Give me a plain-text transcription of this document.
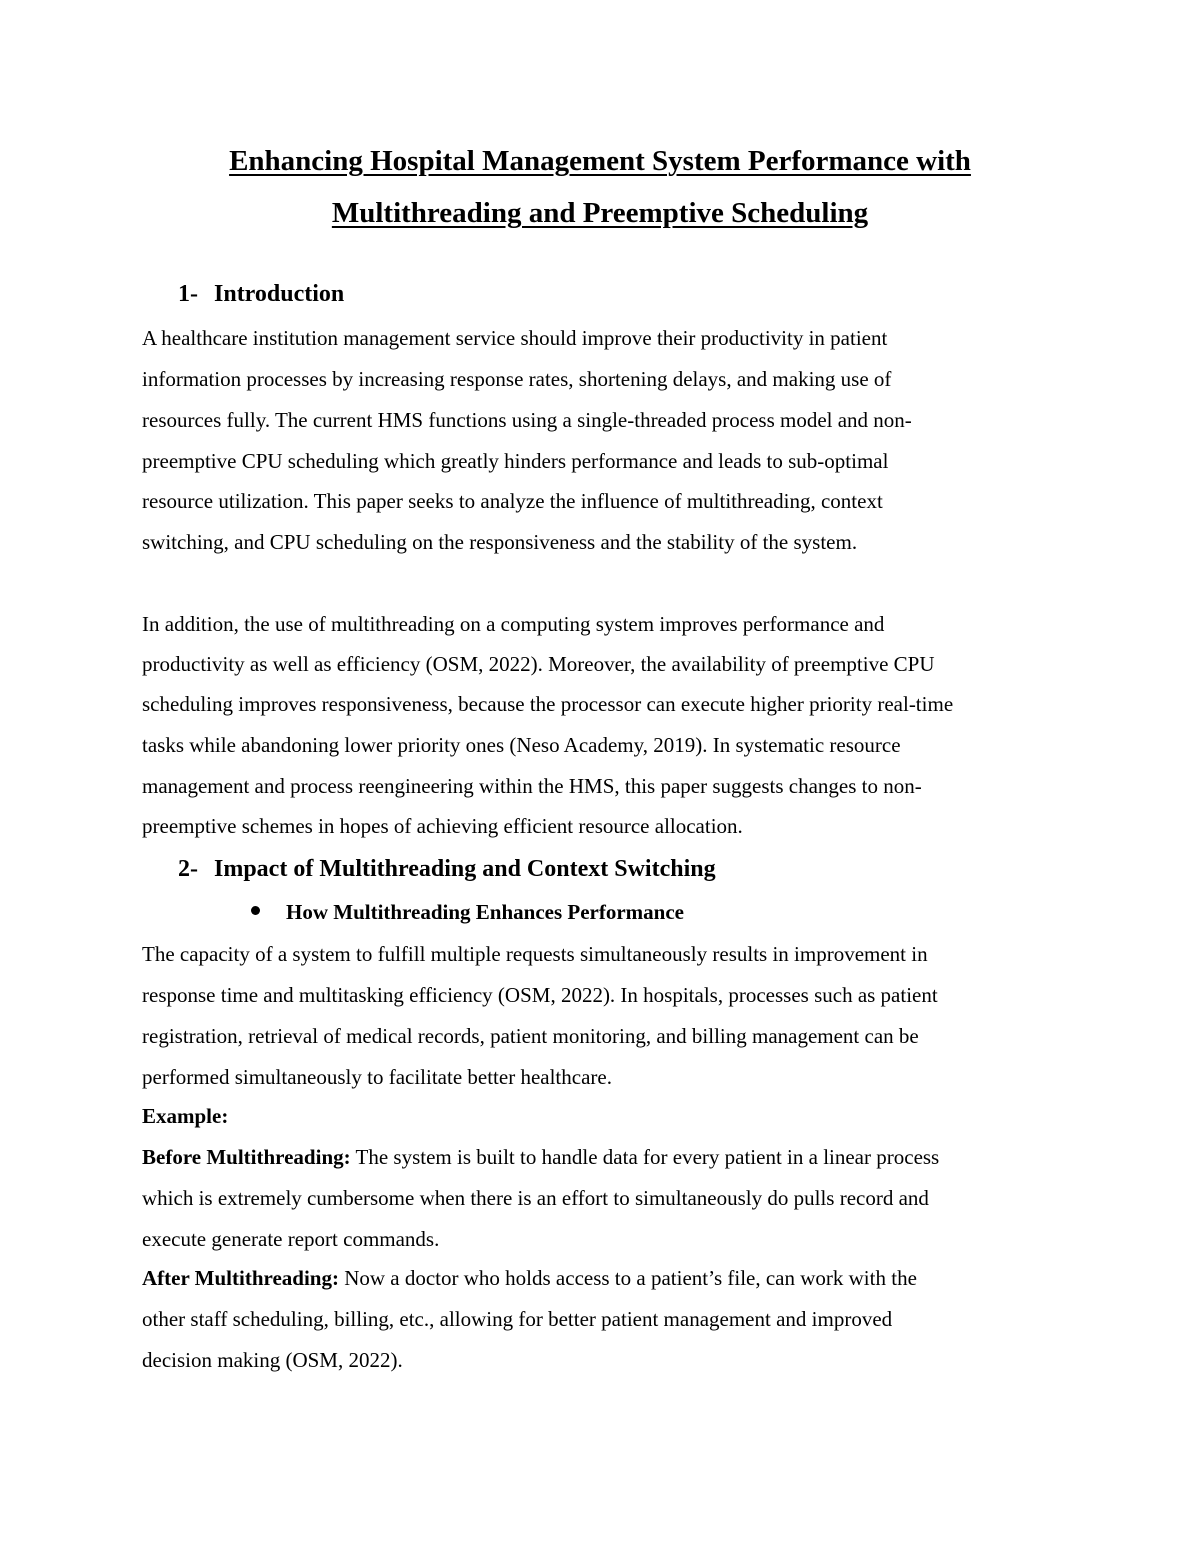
Enhancing Hospital Management System Performance with
Multithreading and Preemptive Scheduling
1- Introduction
A healthcare institution management service should improve their productivity in patient
information processes by increasing response rates, shortening delays, and making use of
resources fully. The current HMS functions using a single-threaded process model and non-
preemptive CPU scheduling which greatly hinders performance and leads to sub-optimal
resource utilization. This paper seeks to analyze the influence of multithreading, context
switching, and CPU scheduling on the responsiveness and the stability of the system.
In addition, the use of multithreading on a computing system improves performance and
productivity as well as efficiency (OSM, 2022). Moreover, the availability of preemptive CPU
scheduling improves responsiveness, because the processor can execute higher priority real-time
tasks while abandoning lower priority ones (Neso Academy, 2019). In systematic resource
management and process reengineering within the HMS, this paper suggests changes to non-
preemptive schemes in hopes of achieving efficient resource allocation.
2- Impact of Multithreading and Context Switching
How Multithreading Enhances Performance
The capacity of a system to fulfill multiple requests simultaneously results in improvement in
response time and multitasking efficiency (OSM, 2022). In hospitals, processes such as patient
registration, retrieval of medical records, patient monitoring, and billing management can be
performed simultaneously to facilitate better healthcare.
Example:
Before Multithreading: The system is built to handle data for every patient in a linear process
which is extremely cumbersome when there is an effort to simultaneously do pulls record and
execute generate report commands.
After Multithreading: Now a doctor who holds access to a patient’s file, can work with the
other staff scheduling, billing, etc., allowing for better patient management and improved
decision making (OSM, 2022).
